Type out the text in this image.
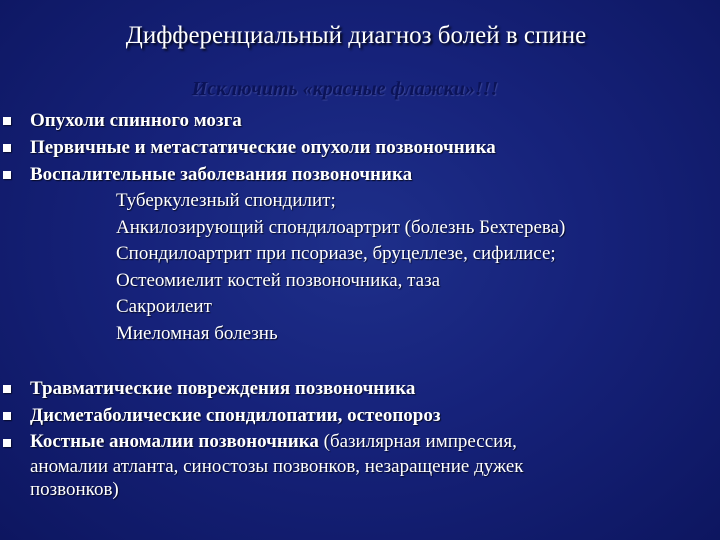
Дифференциальный диагноз болей в спине
Исключить «красные флажки»!!!
Опухоли спинного мозга
Первичные и метастатические опухоли позвоночника
Воспалительные заболевания позвоночника
Туберкулезный спондилит;
Анкилозирующий спондилоартрит (болезнь Бехтерева)
Спондилоартрит при псориазе, бруцеллезе, сифилисе;
Остеомиелит костей позвоночника, таза
Сакроилеит
Миеломная болезнь
Травматические повреждения позвоночника
Дисметаболические спондилопатии, остеопороз
Костные аномалии позвоночника (базилярная импрессия,
аномалии атланта, синостозы позвонков, незаращение дужек
позвонков)
